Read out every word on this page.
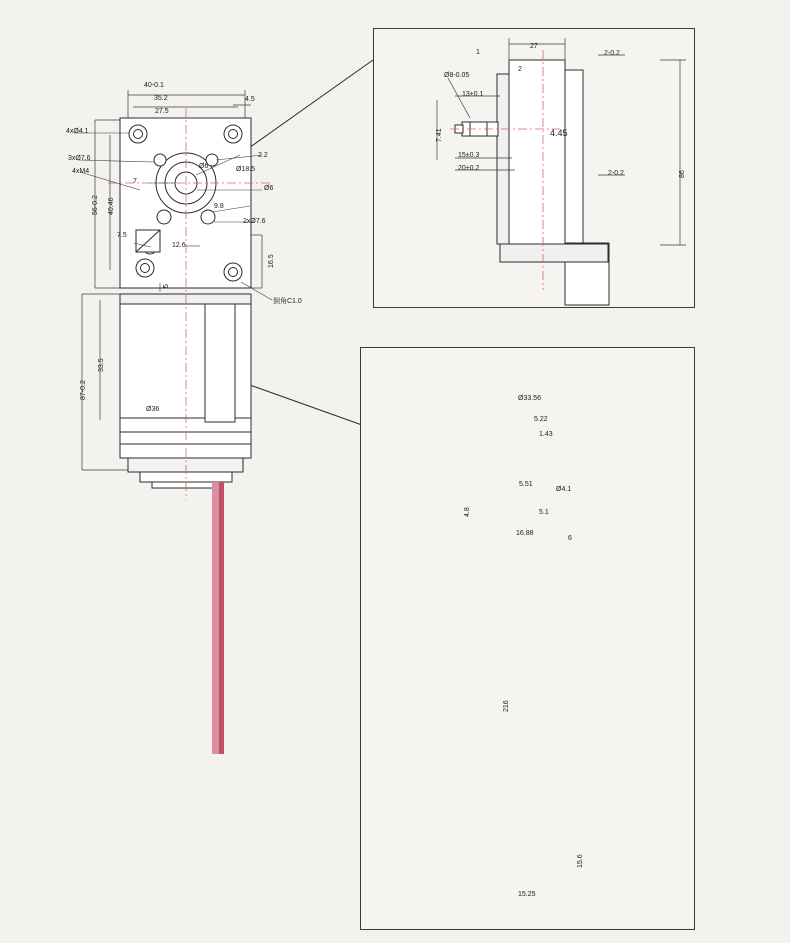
40-0.1
35.2
27.5
4.5
4xØ4.1
3xØ7.6
4xM4
56-0.2 40.46
7
Ø6	Ø18.5
Ø6
2.2
9.8
2xØ7.6
12.6
7.5
16.5
5
倒角C1.0
33.5
87-0.2
Ø36
27
1
2
2-0.2
2-0.2
Ø8-0.05
13±0.1
15±0.3
20±0.2
7.41	4.45
86
Ø33.56
5.22
1.43
5.51
Ø4.1
4.8	5.1
16.88
6
216
15.6
15.25
